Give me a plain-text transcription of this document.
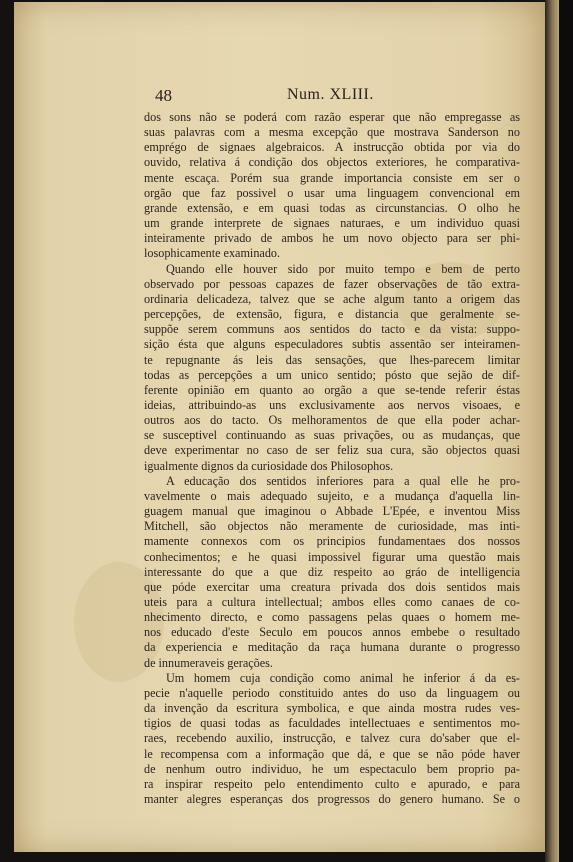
48	Num. XLIII.
dos sons não se poderá com razão esperar que não empregasse as
suas palavras com a mesma excepção que mostrava Sanderson no
emprégo de signaes algebraicos. A instrucção obtida por via do
ouvido, relativa á condição dos objectos exteriores, he comparativa-
mente escaça. Porém sua grande importancia consiste em ser o
orgão que faz possivel o usar uma linguagem convencional em
grande extensão, e em quasi todas as circunstancias. O olho he
um grande interprete de signaes naturaes, e um individuo quasi
inteiramente privado de ambos he um novo objecto para ser phi-
losophicamente examinado.
Quando elle houver sido por muito tempo e bem de perto
observado por pessoas capazes de fazer observações de tão extra-
ordinaria delicadeza, talvez que se ache algum tanto a origem das
percepções, de extensão, figura, e distancia que geralmente se-
suppõe serem communs aos sentidos do tacto e da vista: suppo-
sição ésta que alguns especuladores subtis assentão ser inteiramen-
te repugnante ás leis das sensações, que lhes-parecem limitar
todas as percepções a um unico sentido; pósto que sejão de dif-
ferente opinião em quanto ao orgão a que se-tende referir éstas
ideias, attribuindo-as uns exclusivamente aos nervos visoaes, e
outros aos do tacto. Os melhoramentos de que ella poder achar-
se susceptivel continuando as suas privações, ou as mudanças, que
deve experimentar no caso de ser feliz sua cura, são objectos quasi
igualmente dignos da curiosidade dos Philosophos.
A educação dos sentidos inferiores para a qual elle he pro-
vavelmente o mais adequado sujeito, e a mudança d'aquella lin-
guagem manual que imaginou o Abbade L'Epée, e inventou Miss
Mitchell, são objectos não meramente de curiosidade, mas inti-
mamente connexos com os principios fundamentaes dos nossos
conhecimentos; e he quasi impossivel figurar uma questão mais
interessante do que a que diz respeito ao gráo de intelligencia
que póde exercitar uma creatura privada dos dois sentidos mais
uteis para a cultura intellectual; ambos elles como canaes de co-
nhecimento directo, e como passagens pelas quaes o homem me-
nos educado d'este Seculo em poucos annos embebe o resultado
da experiencia e meditação da raça humana durante o progresso
de innumeraveis gerações.
Um homem cuja condição como animal he inferior á da es-
pecie n'aquelle periodo constituido antes do uso da linguagem ou
da invenção da escritura symbolica, e que ainda mostra rudes ves-
tigios de quasi todas as faculdades intellectuaes e sentimentos mo-
raes, recebendo auxilio, instrucção, e talvez cura do'saber que el-
le recompensa com a informação que dá, e que se não póde haver
de nenhum outro individuo, he um espectaculo bem proprio pa-
ra inspirar respeito pelo entendimento culto e apurado, e para
manter alegres esperanças dos progressos do genero humano. Se o
